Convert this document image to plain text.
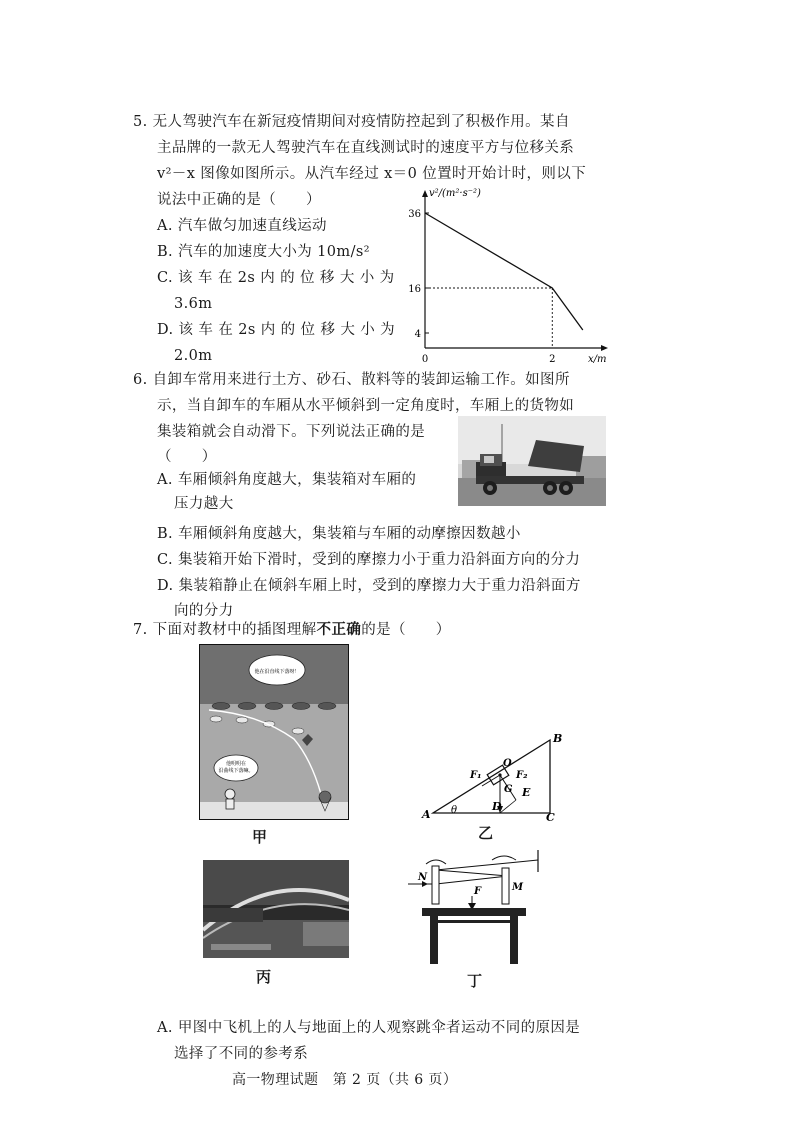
5. 无人驾驶汽车在新冠疫情期间对疫情防控起到了积极作用。某自
主品牌的一款无人驾驶汽车在直线测试时的速度平方与位移关系
v²－x 图像如图所示。从汽车经过 x＝0 位置时开始计时，则以下
说法中正确的是（　　）
A. 汽车做匀加速直线运动
B. 汽车的加速度大小为 10m/s²
C. 该 车 在 2s 内 的 位 移 大 小 为
3.6m
D. 该 车 在 2s 内 的 位 移 大 小 为
2.0m
v²/(m²·s⁻²)
x/m
36
16
4
0	2
6. 自卸车常用来进行土方、砂石、散料等的装卸运输工作。如图所
示，当自卸车的车厢从水平倾斜到一定角度时，车厢上的货物如
集装箱就会自动滑下。下列说法正确的是
（　　）
A. 车厢倾斜角度越大，集装箱对车厢的
压力越大
B. 车厢倾斜角度越大，集装箱与车厢的动摩擦因数越小
C. 集装箱开始下滑时，受到的摩擦力小于重力沿斜面方向的分力
D. 集装箱静止在倾斜车厢上时，受到的摩擦力大于重力沿斜面方
向的分力
7. 下面对教材中的插图理解不正确的是（　　）
他在沿直线下落呀！
他明明在
沿曲线下落嘛。
甲
A
B
C
D
E
F₁	F₂
G
O
θ
乙
丙
N
M
F
丁
A. 甲图中飞机上的人与地面上的人观察跳伞者运动不同的原因是
选择了不同的参考系
高一物理试题　第 2 页（共 6 页）
